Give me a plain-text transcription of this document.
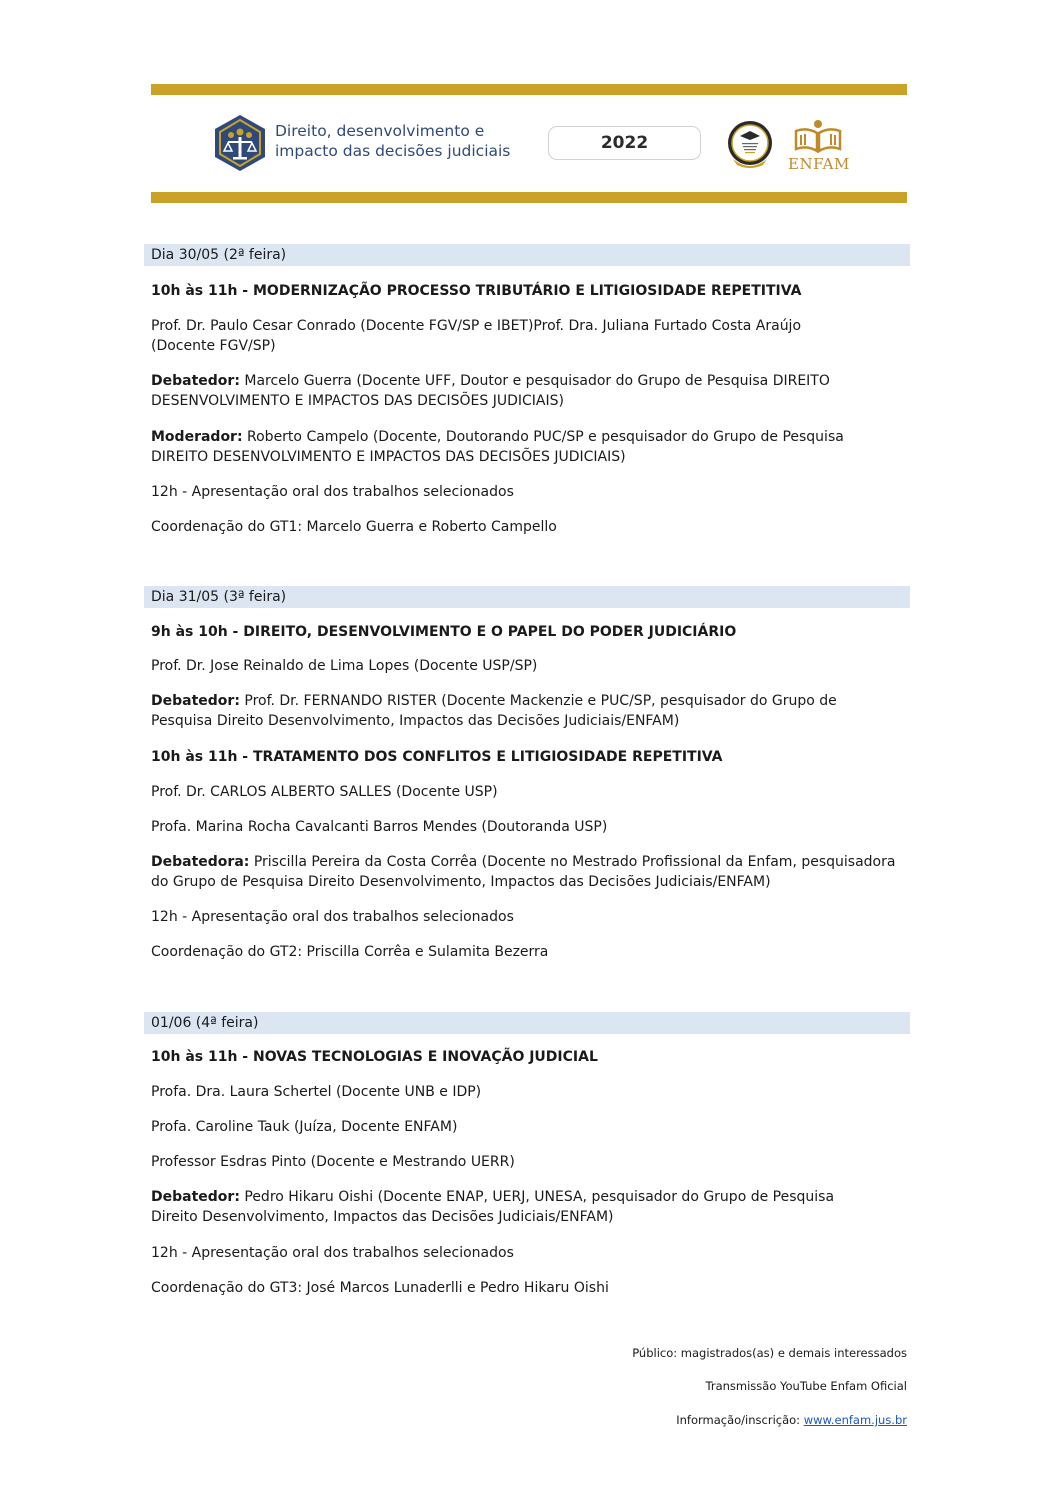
Direito, desenvolvimento e
impacto das decisões judiciais	2022
ENFAM
Dia 30/05 (2ª feira)
10h às 11h - MODERNIZAÇÃO PROCESSO TRIBUTÁRIO E LITIGIOSIDADE REPETITIVA
Prof. Dr. Paulo Cesar Conrado (Docente FGV/SP e IBET)Prof. Dra. Juliana Furtado Costa Araújo
(Docente FGV/SP)
Debatedor: Marcelo Guerra (Docente UFF, Doutor e pesquisador do Grupo de Pesquisa DIREITO
DESENVOLVIMENTO E IMPACTOS DAS DECISÕES JUDICIAIS)
Moderador: Roberto Campelo (Docente, Doutorando PUC/SP e pesquisador do Grupo de Pesquisa
DIREITO DESENVOLVIMENTO E IMPACTOS DAS DECISÕES JUDICIAIS)
12h - Apresentação oral dos trabalhos selecionados
Coordenação do GT1: Marcelo Guerra e Roberto Campello
Dia 31/05 (3ª feira)
9h às 10h - DIREITO, DESENVOLVIMENTO E O PAPEL DO PODER JUDICIÁRIO
Prof. Dr. Jose Reinaldo de Lima Lopes (Docente USP/SP)
Debatedor: Prof. Dr. FERNANDO RISTER (Docente Mackenzie e PUC/SP, pesquisador do Grupo de
Pesquisa Direito Desenvolvimento, Impactos das Decisões Judiciais/ENFAM)
10h às 11h - TRATAMENTO DOS CONFLITOS E LITIGIOSIDADE REPETITIVA
Prof. Dr. CARLOS ALBERTO SALLES (Docente USP)
Profa. Marina Rocha Cavalcanti Barros Mendes (Doutoranda USP)
Debatedora: Priscilla Pereira da Costa Corrêa (Docente no Mestrado Profissional da Enfam, pesquisadora
do Grupo de Pesquisa Direito Desenvolvimento, Impactos das Decisões Judiciais/ENFAM)
12h - Apresentação oral dos trabalhos selecionados
Coordenação do GT2: Priscilla Corrêa e Sulamita Bezerra
01/06 (4ª feira)
10h às 11h - NOVAS TECNOLOGIAS E INOVAÇÃO JUDICIAL
Profa. Dra. Laura Schertel (Docente UNB e IDP)
Profa. Caroline Tauk (Juíza, Docente ENFAM)
Professor Esdras Pinto (Docente e Mestrando UERR)
Debatedor: Pedro Hikaru Oishi (Docente ENAP, UERJ, UNESA, pesquisador do Grupo de Pesquisa
Direito Desenvolvimento, Impactos das Decisões Judiciais/ENFAM)
12h - Apresentação oral dos trabalhos selecionados
Coordenação do GT3: José Marcos Lunaderlli e Pedro Hikaru Oishi
Público: magistrados(as) e demais interessados
Transmissão YouTube Enfam Oficial
Informação/inscrição: www.enfam.jus.br
